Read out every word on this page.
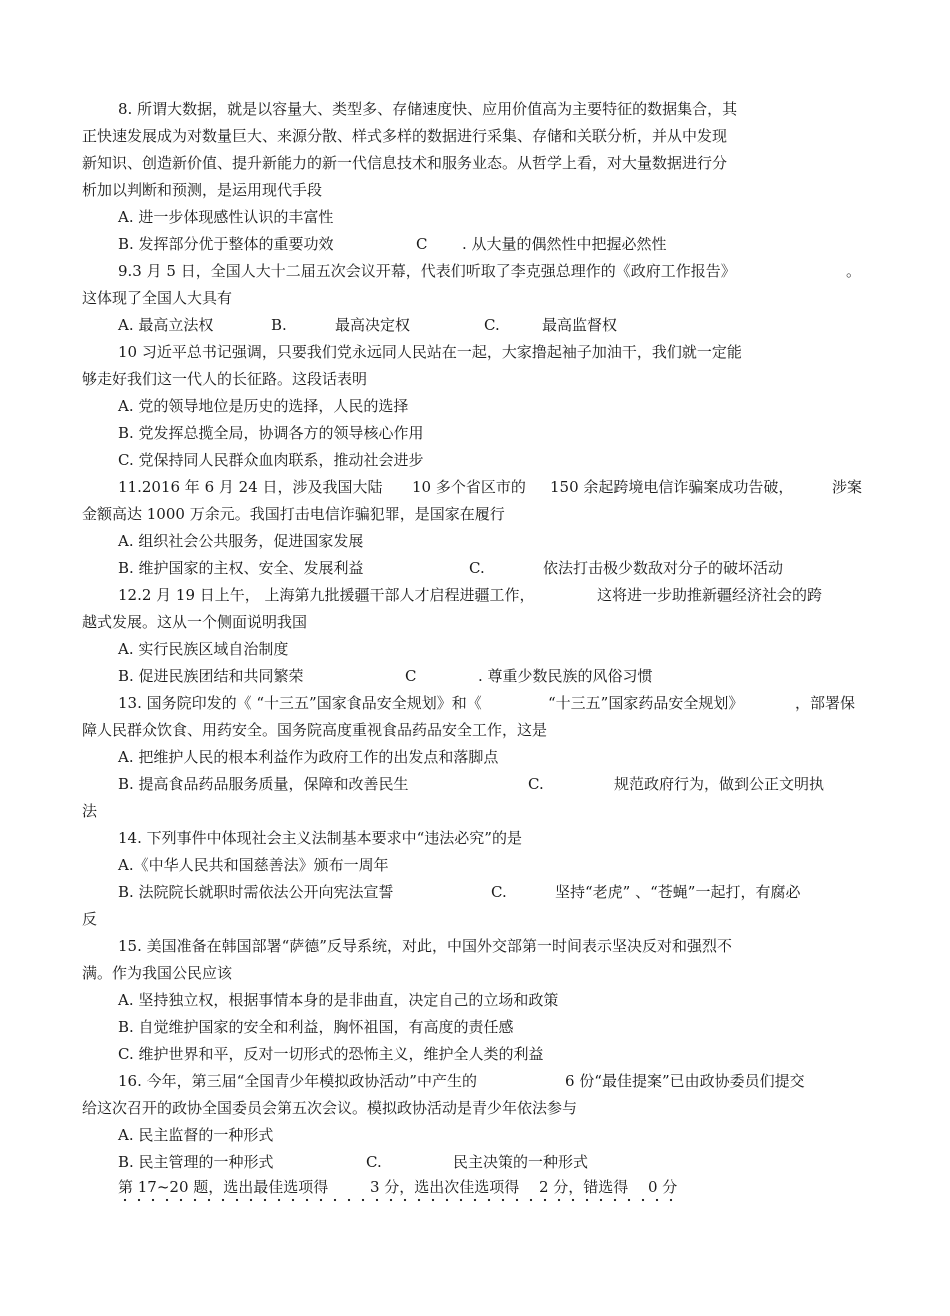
8. 所谓大数据，就是以容量大、类型多、存储速度快、应用价值高为主要特征的数据集合，其
正快速发展成为对数量巨大、来源分散、样式多样的数据进行采集、存储和关联分析，并从中发现
新知识、创造新价值、提升新能力的新一代信息技术和服务业态。从哲学上看，对大量数据进行分
析加以判断和预测，是运用现代手段
A. 进一步体现感性认识的丰富性
B. 发挥部分优于整体的重要功效	C . 从大量的偶然性中把握必然性
9.3 月 5 日，全国人大十二届五次会议开幕，代表们听取了李克强总理作的《政府工作报告》	。
这体现了全国人大具有
A. 最高立法权	B.	最高决定权	C.	最高监督权
10 习近平总书记强调，只要我们党永远同人民站在一起，大家撸起袖子加油干，我们就一定能
够走好我们这一代人的长征路。这段话表明
A. 党的领导地位是历史的选择，人民的选择
B. 党发挥总揽全局，协调各方的领导核心作用
C. 党保持同人民群众血肉联系，推动社会进步
11.2016 年 6 月 24 日，涉及我国大陆 10 多个省区市的 150 余起跨境电信诈骗案成功告破，	涉案
金额高达 1000 万余元。我国打击电信诈骗犯罪，是国家在履行
A. 组织社会公共服务，促进国家发展
B. 维护国家的主权、安全、发展利益	C.	依法打击极少数敌对分子的破坏活动
12.2 月 19 日上午， 上海第九批援疆干部人才启程进疆工作，	这将进一步助推新疆经济社会的跨
越式发展。这从一个侧面说明我国
A. 实行民族区域自治制度
B. 促进民族团结和共同繁荣	C	. 尊重少数民族的风俗习惯
13. 国务院印发的《 “十三五”国家食品安全规划》和《	“十三五”国家药品安全规划》	，部署保
障人民群众饮食、用药安全。国务院高度重视食品药品安全工作，这是
A. 把维护人民的根本利益作为政府工作的出发点和落脚点
B. 提高食品药品服务质量，保障和改善民生	C.	规范政府行为，做到公正文明执
法
14. 下列事件中体现社会主义法制基本要求中“违法必究”的是
A.《中华人民共和国慈善法》颁布一周年
B. 法院院长就职时需依法公开向宪法宣誓	C.	坚持“老虎” 、“苍蝇”一起打，有腐必
反
15. 美国准备在韩国部署“萨德”反导系统，对此，中国外交部第一时间表示坚决反对和强烈不
满。作为我国公民应该
A. 坚持独立权，根据事情本身的是非曲直，决定自己的立场和政策
B. 自觉维护国家的安全和利益，胸怀祖国，有高度的责任感
C. 维护世界和平，反对一切形式的恐怖主义，维护全人类的利益
16. 今年，第三届“全国青少年模拟政协活动”中产生的	6 份“最佳提案”已由政协委员们提交
给这次召开的政协全国委员会第五次会议。模拟政协活动是青少年依法参与
A. 民主监督的一种形式
B. 民主管理的一种形式	C.	民主决策的一种形式
第 17~20 题，选出最佳选项得	3 分，选出次佳选项得 2 分，错选得 0 分
